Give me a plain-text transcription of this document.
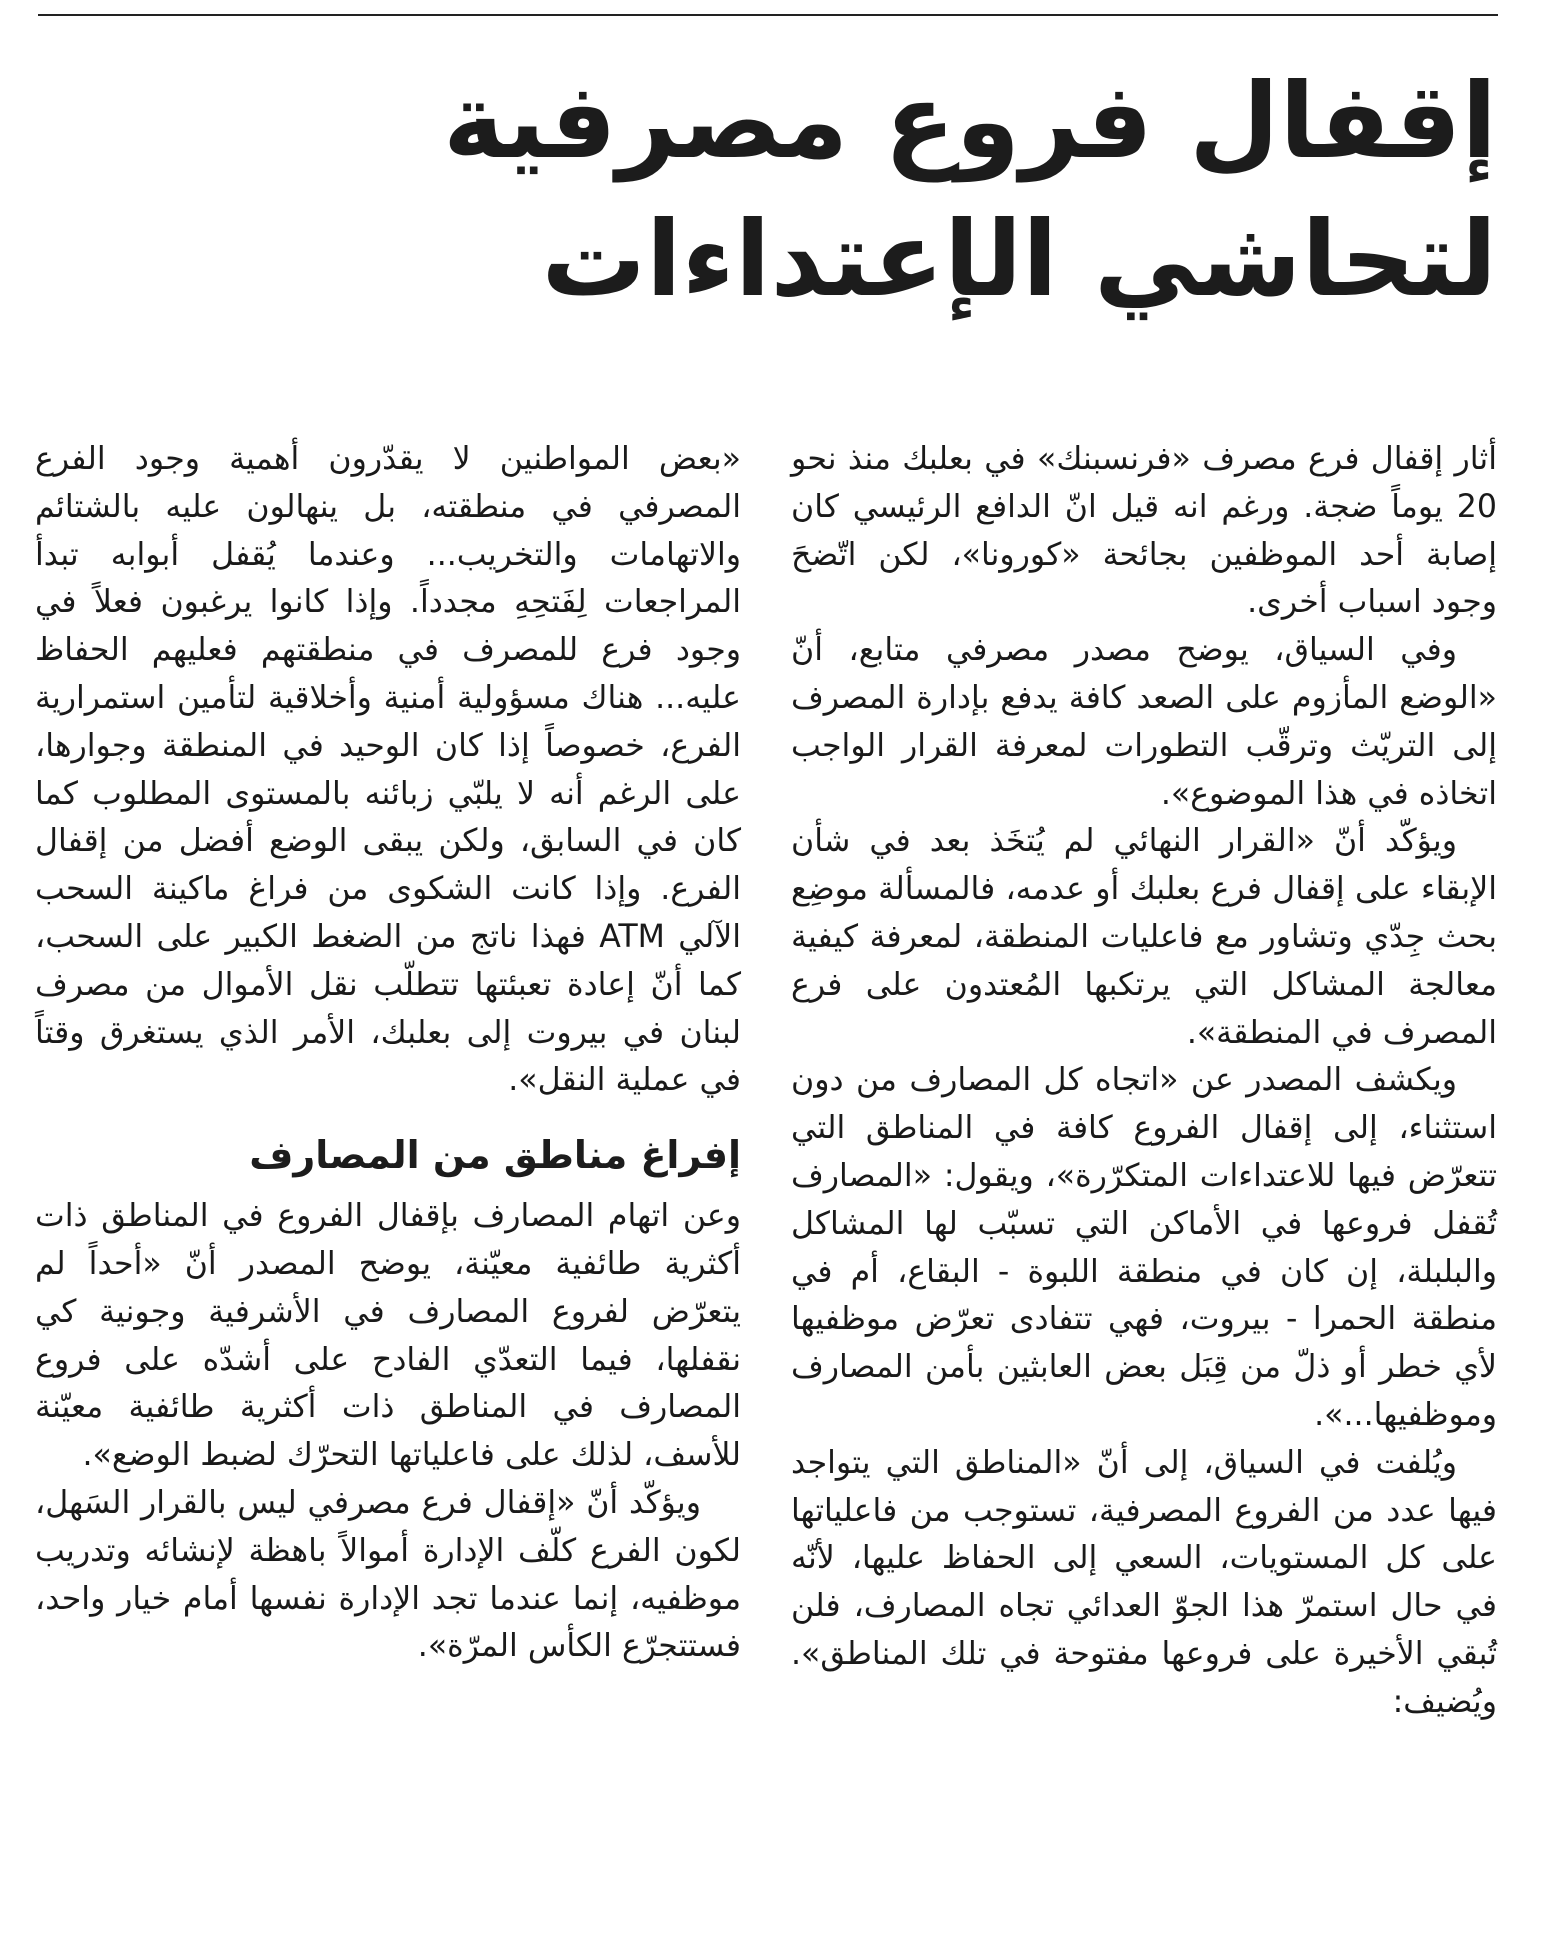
إقفال فروع مصرفية لتحاشي الإعتداءات

أثار إقفال فرع مصرف «فرنسبنك» في بعلبك منذ نحو 20 يوماً ضجة. ورغم انه قيل انّ الدافع الرئيسي كان إصابة أحد الموظفين بجائحة «كورونا»، لكن اتّضحَ وجود اسباب أخرى.

وفي السياق، يوضح مصدر مصرفي متابع، أنّ «الوضع المأزوم على الصعد كافة يدفع بإدارة المصرف إلى التريّث وترقّب التطورات لمعرفة القرار الواجب اتخاذه في هذا الموضوع».

ويؤكّد أنّ «القرار النهائي لم يُتخَذ بعد في شأن الإبقاء على إقفال فرع بعلبك أو عدمه، فالمسألة موضِع بحث جِدّي وتشاور مع فاعليات المنطقة، لمعرفة كيفية معالجة المشاكل التي يرتكبها المُعتدون على فرع المصرف في المنطقة».

ويكشف المصدر عن «اتجاه كل المصارف من دون استثناء، إلى إقفال الفروع كافة في المناطق التي تتعرّض فيها للاعتداءات المتكرّرة»، ويقول: «المصارف تُقفل فروعها في الأماكن التي تسبّب لها المشاكل والبلبلة، إن كان في منطقة اللبوة - البقاع، أم في منطقة الحمرا - بيروت، فهي تتفادى تعرّض موظفيها لأي خطر أو ذلّ من قِبَل بعض العابثين بأمن المصارف وموظفيها...».

ويُلفت في السياق، إلى أنّ «المناطق التي يتواجد فيها عدد من الفروع المصرفية، تستوجب من فاعلياتها على كل المستويات، السعي إلى الحفاظ عليها، لأنّه في حال استمرّ هذا الجوّ العدائي تجاه المصارف، فلن تُبقي الأخيرة على فروعها مفتوحة في تلك المناطق». ويُضيف:

«بعض المواطنين لا يقدّرون أهمية وجود الفرع المصرفي في منطقته، بل ينهالون عليه بالشتائم والاتهامات والتخريب... وعندما يُقفل أبوابه تبدأ المراجعات لِفَتحِهِ مجدداً. وإذا كانوا يرغبون فعلاً في وجود فرع للمصرف في منطقتهم فعليهم الحفاظ عليه... هناك مسؤولية أمنية وأخلاقية لتأمين استمرارية الفرع، خصوصاً إذا كان الوحيد في المنطقة وجوارها، على الرغم أنه لا يلبّي زبائنه بالمستوى المطلوب كما كان في السابق، ولكن يبقى الوضع أفضل من إقفال الفرع. وإذا كانت الشكوى من فراغ ماكينة السحب الآلي ATM فهذا ناتج من الضغط الكبير على السحب، كما أنّ إعادة تعبئتها تتطلّب نقل الأموال من مصرف لبنان في بيروت إلى بعلبك، الأمر الذي يستغرق وقتاً في عملية النقل».

إفراغ مناطق من المصارف

وعن اتهام المصارف بإقفال الفروع في المناطق ذات أكثرية طائفية معيّنة، يوضح المصدر أنّ «أحداً لم يتعرّض لفروع المصارف في الأشرفية وجونية كي نقفلها، فيما التعدّي الفادح على أشدّه على فروع المصارف في المناطق ذات أكثرية طائفية معيّنة للأسف، لذلك على فاعلياتها التحرّك لضبط الوضع».

ويؤكّد أنّ «إقفال فرع مصرفي ليس بالقرار السَهل، لكون الفرع كلّف الإدارة أموالاً باهظة لإنشائه وتدريب موظفيه، إنما عندما تجد الإدارة نفسها أمام خيار واحد، فستتجرّع الكأس المرّة».
